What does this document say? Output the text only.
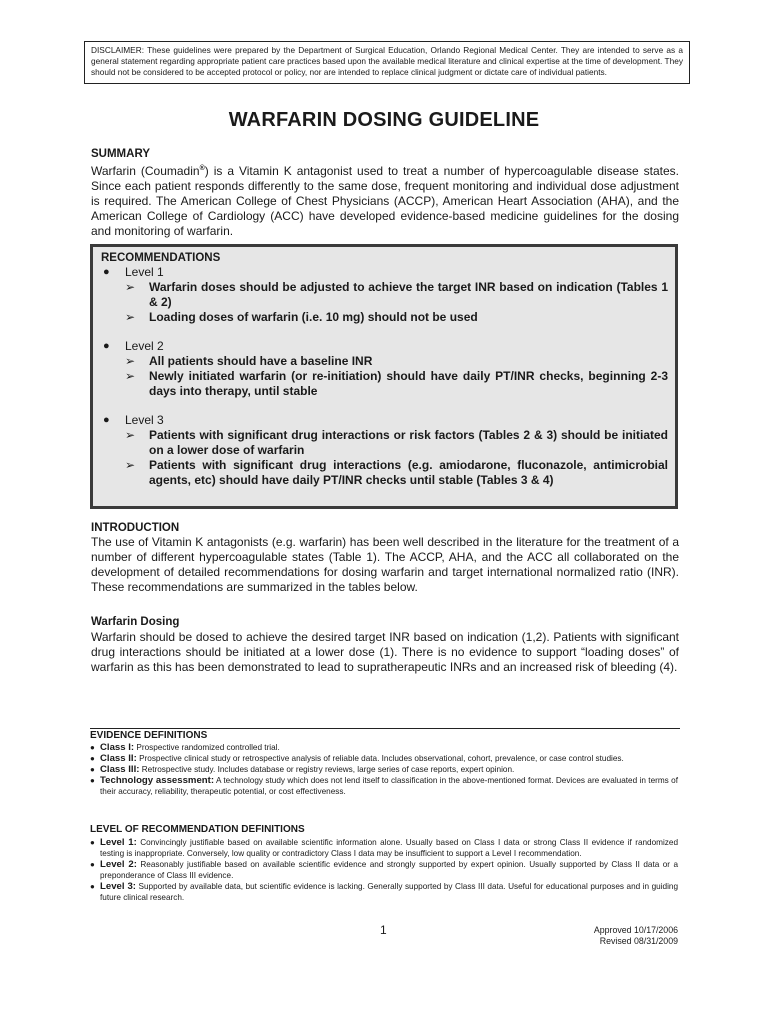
DISCLAIMER: These guidelines were prepared by the Department of Surgical Education, Orlando Regional Medical Center. They are intended to serve as a general statement regarding appropriate patient care practices based upon the available medical literature and clinical expertise at the time of development. They should not be considered to be accepted protocol or policy, nor are intended to replace clinical judgment or dictate care of individual patients.
WARFARIN DOSING GUIDELINE
SUMMARY
Warfarin (Coumadin®) is a Vitamin K antagonist used to treat a number of hypercoagulable disease states. Since each patient responds differently to the same dose, frequent monitoring and individual dose adjustment is required. The American College of Chest Physicians (ACCP), American Heart Association (AHA), and the American College of Cardiology (ACC) have developed evidence-based medicine guidelines for the dosing and monitoring of warfarin.
RECOMMENDATIONS
●	Level 1
➢	Warfarin doses should be adjusted to achieve the target INR based on indication (Tables 1 & 2)
➢	Loading doses of warfarin (i.e. 10 mg) should not be used
●	Level 2
➢	All patients should have a baseline INR
➢	Newly initiated warfarin (or re-initiation) should have daily PT/INR checks, beginning 2-3 days into therapy, until stable
●	Level 3
➢	Patients with significant drug interactions or risk factors (Tables 2 & 3) should be initiated on a lower dose of warfarin
➢	Patients with significant drug interactions (e.g. amiodarone, fluconazole, antimicrobial agents, etc) should have daily PT/INR checks until stable (Tables 3 & 4)
INTRODUCTION
The use of Vitamin K antagonists (e.g. warfarin) has been well described in the literature for the treatment of a number of different hypercoagulable states (Table 1). The ACCP, AHA, and the ACC all collaborated on the development of detailed recommendations for dosing warfarin and target international normalized ratio (INR). These recommendations are summarized in the tables below.
Warfarin Dosing
Warfarin should be dosed to achieve the desired target INR based on indication (1,2). Patients with significant drug interactions should be initiated at a lower dose (1). There is no evidence to support “loading doses” of warfarin as this has been demonstrated to lead to supratherapeutic INRs and an increased risk of bleeding (4).
EVIDENCE DEFINITIONS
● Class I: Prospective randomized controlled trial.
● Class II: Prospective clinical study or retrospective analysis of reliable data. Includes observational, cohort, prevalence, or case control studies.
● Class III: Retrospective study. Includes database or registry reviews, large series of case reports, expert opinion.
● Technology assessment: A technology study which does not lend itself to classification in the above-mentioned format. Devices are evaluated in terms of their accuracy, reliability, therapeutic potential, or cost effectiveness.
LEVEL OF RECOMMENDATION DEFINITIONS
● Level 1: Convincingly justifiable based on available scientific information alone. Usually based on Class I data or strong Class II evidence if randomized testing is inappropriate. Conversely, low quality or contradictory Class I data may be insufficient to support a Level I recommendation.
● Level 2: Reasonably justifiable based on available scientific evidence and strongly supported by expert opinion. Usually supported by Class II data or a preponderance of Class III evidence.
● Level 3: Supported by available data, but scientific evidence is lacking. Generally supported by Class III data. Useful for educational purposes and in guiding future clinical research.
1	Approved 10/17/2006
Revised 08/31/2009
